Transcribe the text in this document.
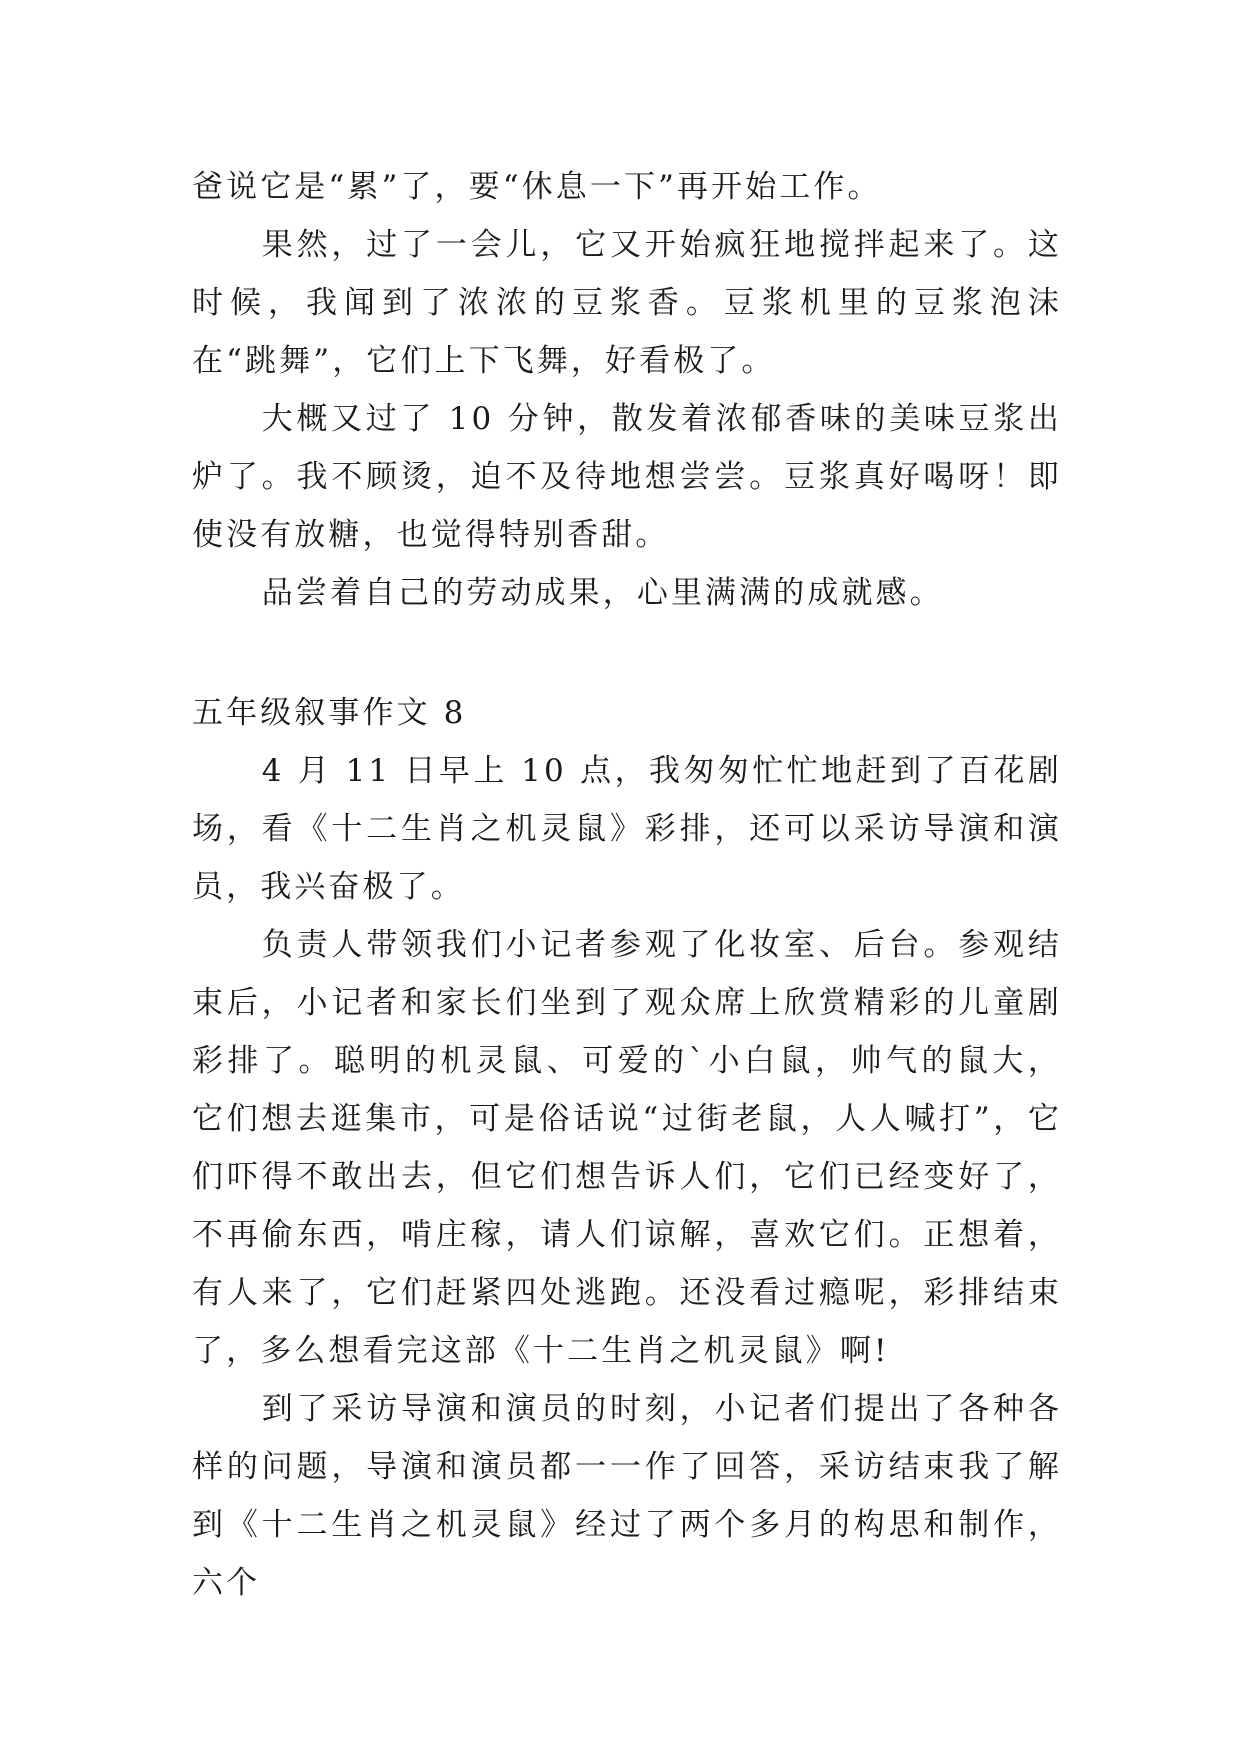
爸说它是“累”了，要“休息一下”再开始工作。

果然，过了一会儿，它又开始疯狂地搅拌起来了。这时候，我闻到了浓浓的豆浆香。豆浆机里的豆浆泡沫在“跳舞”，它们上下飞舞，好看极了。

大概又过了 10 分钟，散发着浓郁香味的美味豆浆出炉了。我不顾烫，迫不及待地想尝尝。豆浆真好喝呀！即使没有放糖，也觉得特别香甜。

品尝着自己的劳动成果，心里满满的成就感。

五年级叙事作文 8

4 月 11 日早上 10 点，我匆匆忙忙地赶到了百花剧场，看《十二生肖之机灵鼠》彩排，还可以采访导演和演员，我兴奋极了。

负责人带领我们小记者参观了化妆室、后台。参观结束后，小记者和家长们坐到了观众席上欣赏精彩的儿童剧彩排了。聪明的机灵鼠、可爱的`小白鼠，帅气的鼠大，它们想去逛集市，可是俗话说“过街老鼠，人人喊打”，它们吓得不敢出去，但它们想告诉人们，它们已经变好了，不再偷东西，啃庄稼，请人们谅解，喜欢它们。正想着，有人来了，它们赶紧四处逃跑。还没看过瘾呢，彩排结束了，多么想看完这部《十二生肖之机灵鼠》啊!

到了采访导演和演员的时刻，小记者们提出了各种各样的问题，导演和演员都一一作了回答，采访结束我了解到《十二生肖之机灵鼠》经过了两个多月的构思和制作，六个
